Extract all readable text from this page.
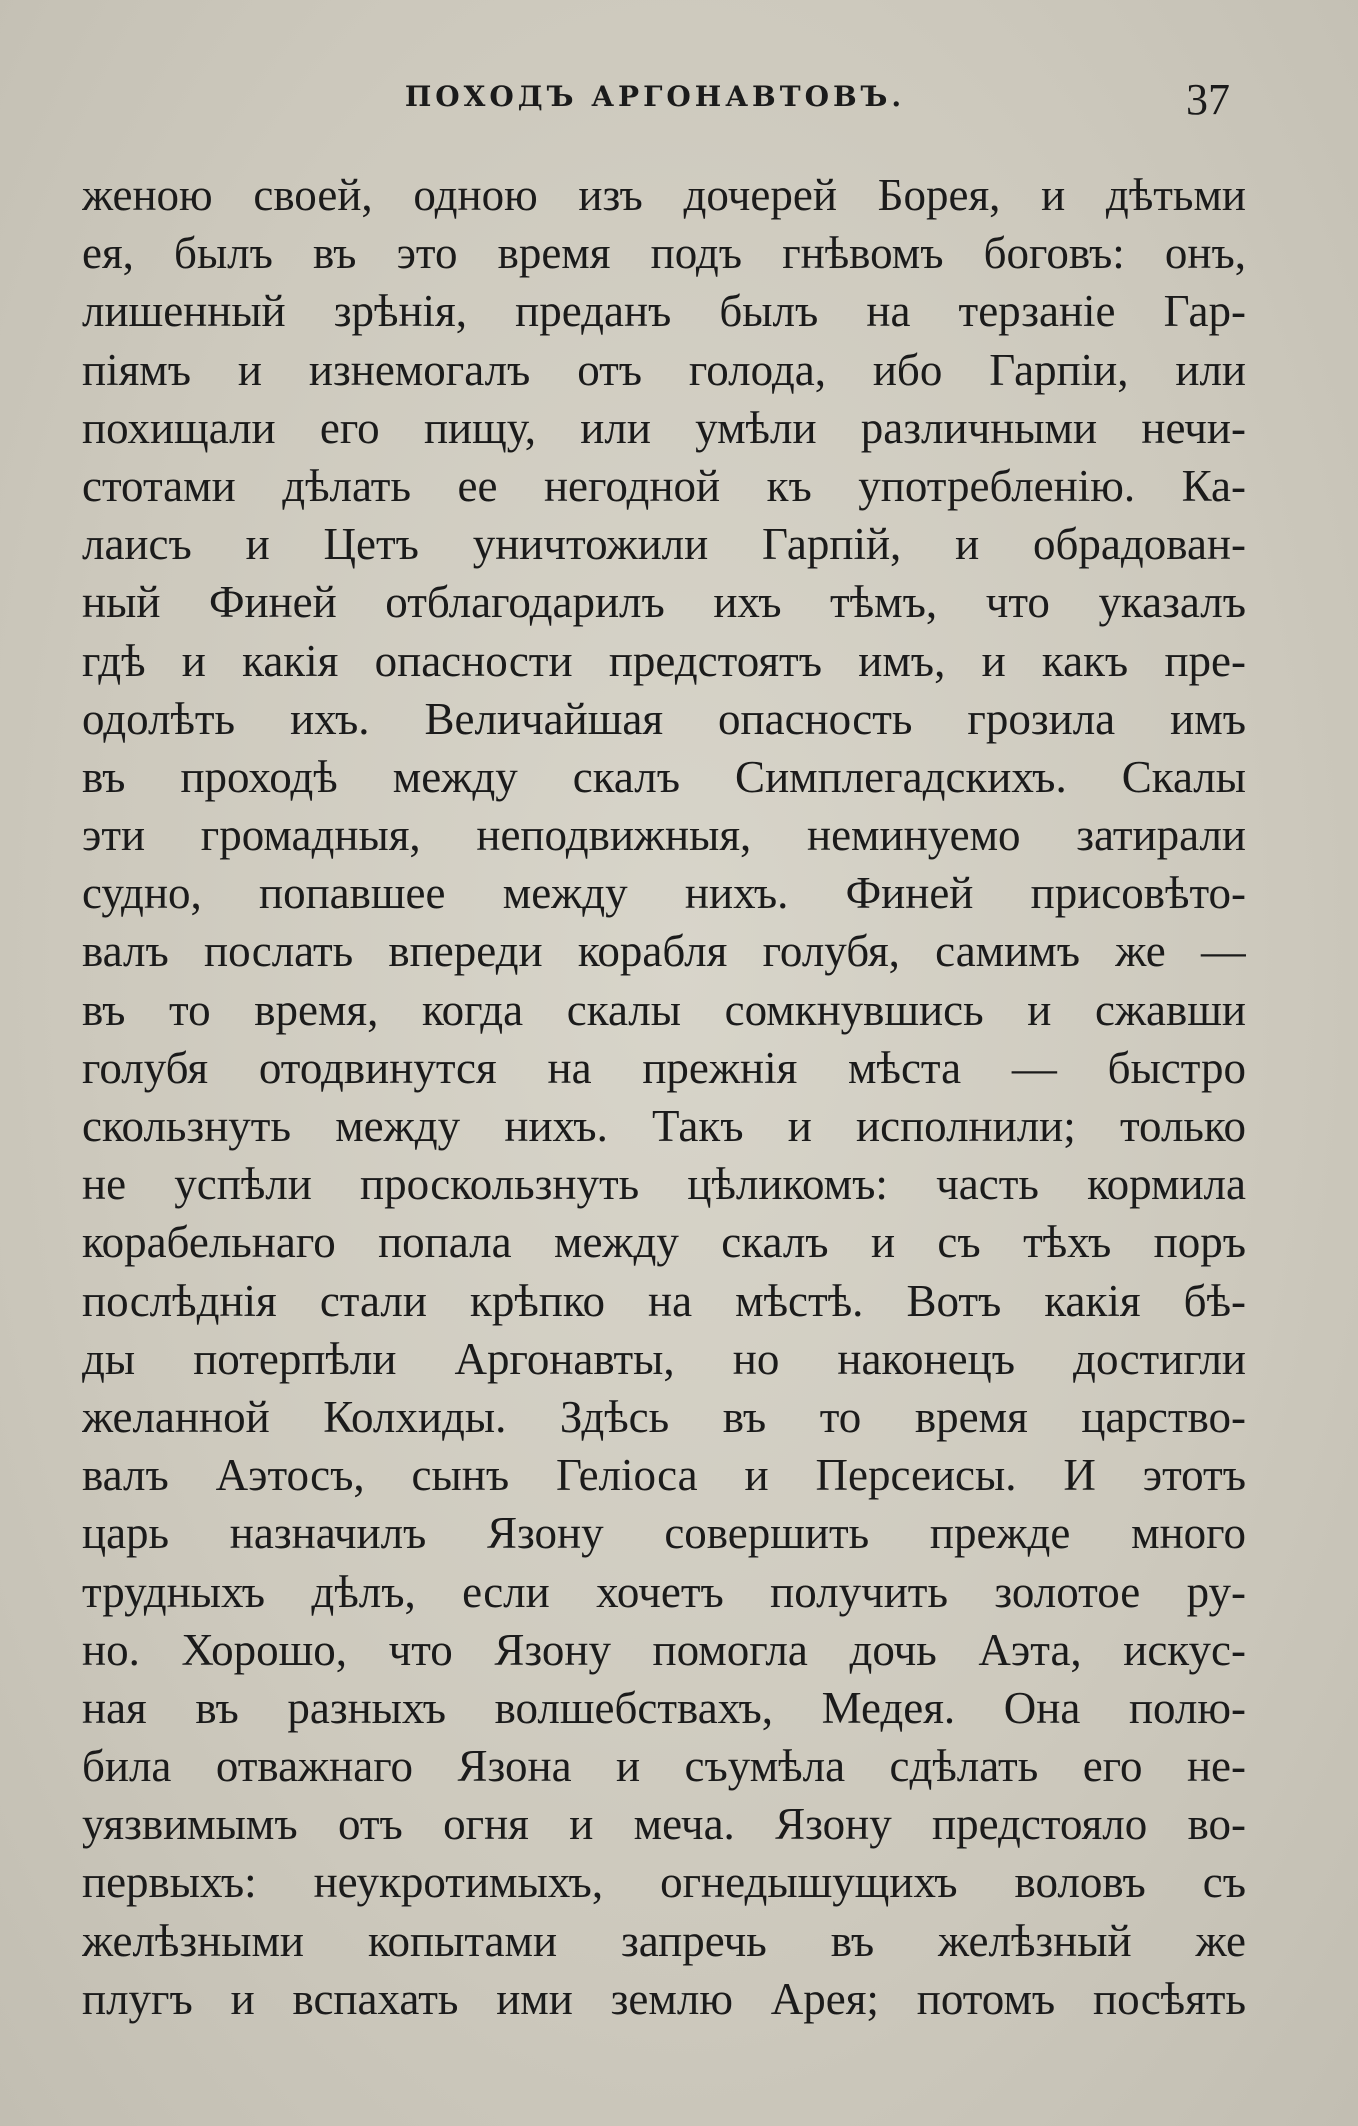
ПОХОДЪ АРГОНАВТОВЪ.	37
женою своей, одною изъ дочерей Борея, и дѣтьми
ея, былъ въ это время подъ гнѣвомъ боговъ: онъ,
лишенный зрѣнія, преданъ былъ на терзаніе Гар-
піямъ и изнемогалъ отъ голода, ибо Гарпіи, или
похищали его пищу, или умѣли различными нечи-
стотами дѣлать ее негодной къ употребленію. Ка-
лаисъ и Цетъ уничтожили Гарпій, и обрадован-
ный Финей отблагодарилъ ихъ тѣмъ, что указалъ
гдѣ и какія опасности предстоятъ имъ, и какъ пре-
одолѣть ихъ. Величайшая опасность грозила имъ
въ проходѣ между скалъ Симплегадскихъ. Скалы
эти громадныя, неподвижныя, неминуемо затирали
судно, попавшее между нихъ. Финей присовѣто-
валъ послать впереди корабля голубя, самимъ же —
въ то время, когда скалы сомкнувшись и сжавши
голубя отодвинутся на прежнія мѣста — быстро
скользнуть между нихъ. Такъ и исполнили; только
не успѣли проскользнуть цѣликомъ: часть кормила
корабельнаго попала между скалъ и съ тѣхъ поръ
послѣднія стали крѣпко на мѣстѣ. Вотъ какія бѣ-
ды потерпѣли Аргонавты, но наконецъ достигли
желанной Колхиды. Здѣсь въ то время царство-
валъ Аэтосъ, сынъ Геліоса и Персеисы. И этотъ
царь назначилъ Язону совершить прежде много
трудныхъ дѣлъ, если хочетъ получить золотое ру-
но. Хорошо, что Язону помогла дочь Аэта, искус-
ная въ разныхъ волшебствахъ, Медея. Она полю-
била отважнаго Язона и съумѣла сдѣлать его не-
уязвимымъ отъ огня и меча. Язону предстояло во-
первыхъ: неукротимыхъ, огнедышущихъ воловъ съ
желѣзными копытами запречь въ желѣзный же
плугъ и вспахать ими землю Арея; потомъ посѣять
